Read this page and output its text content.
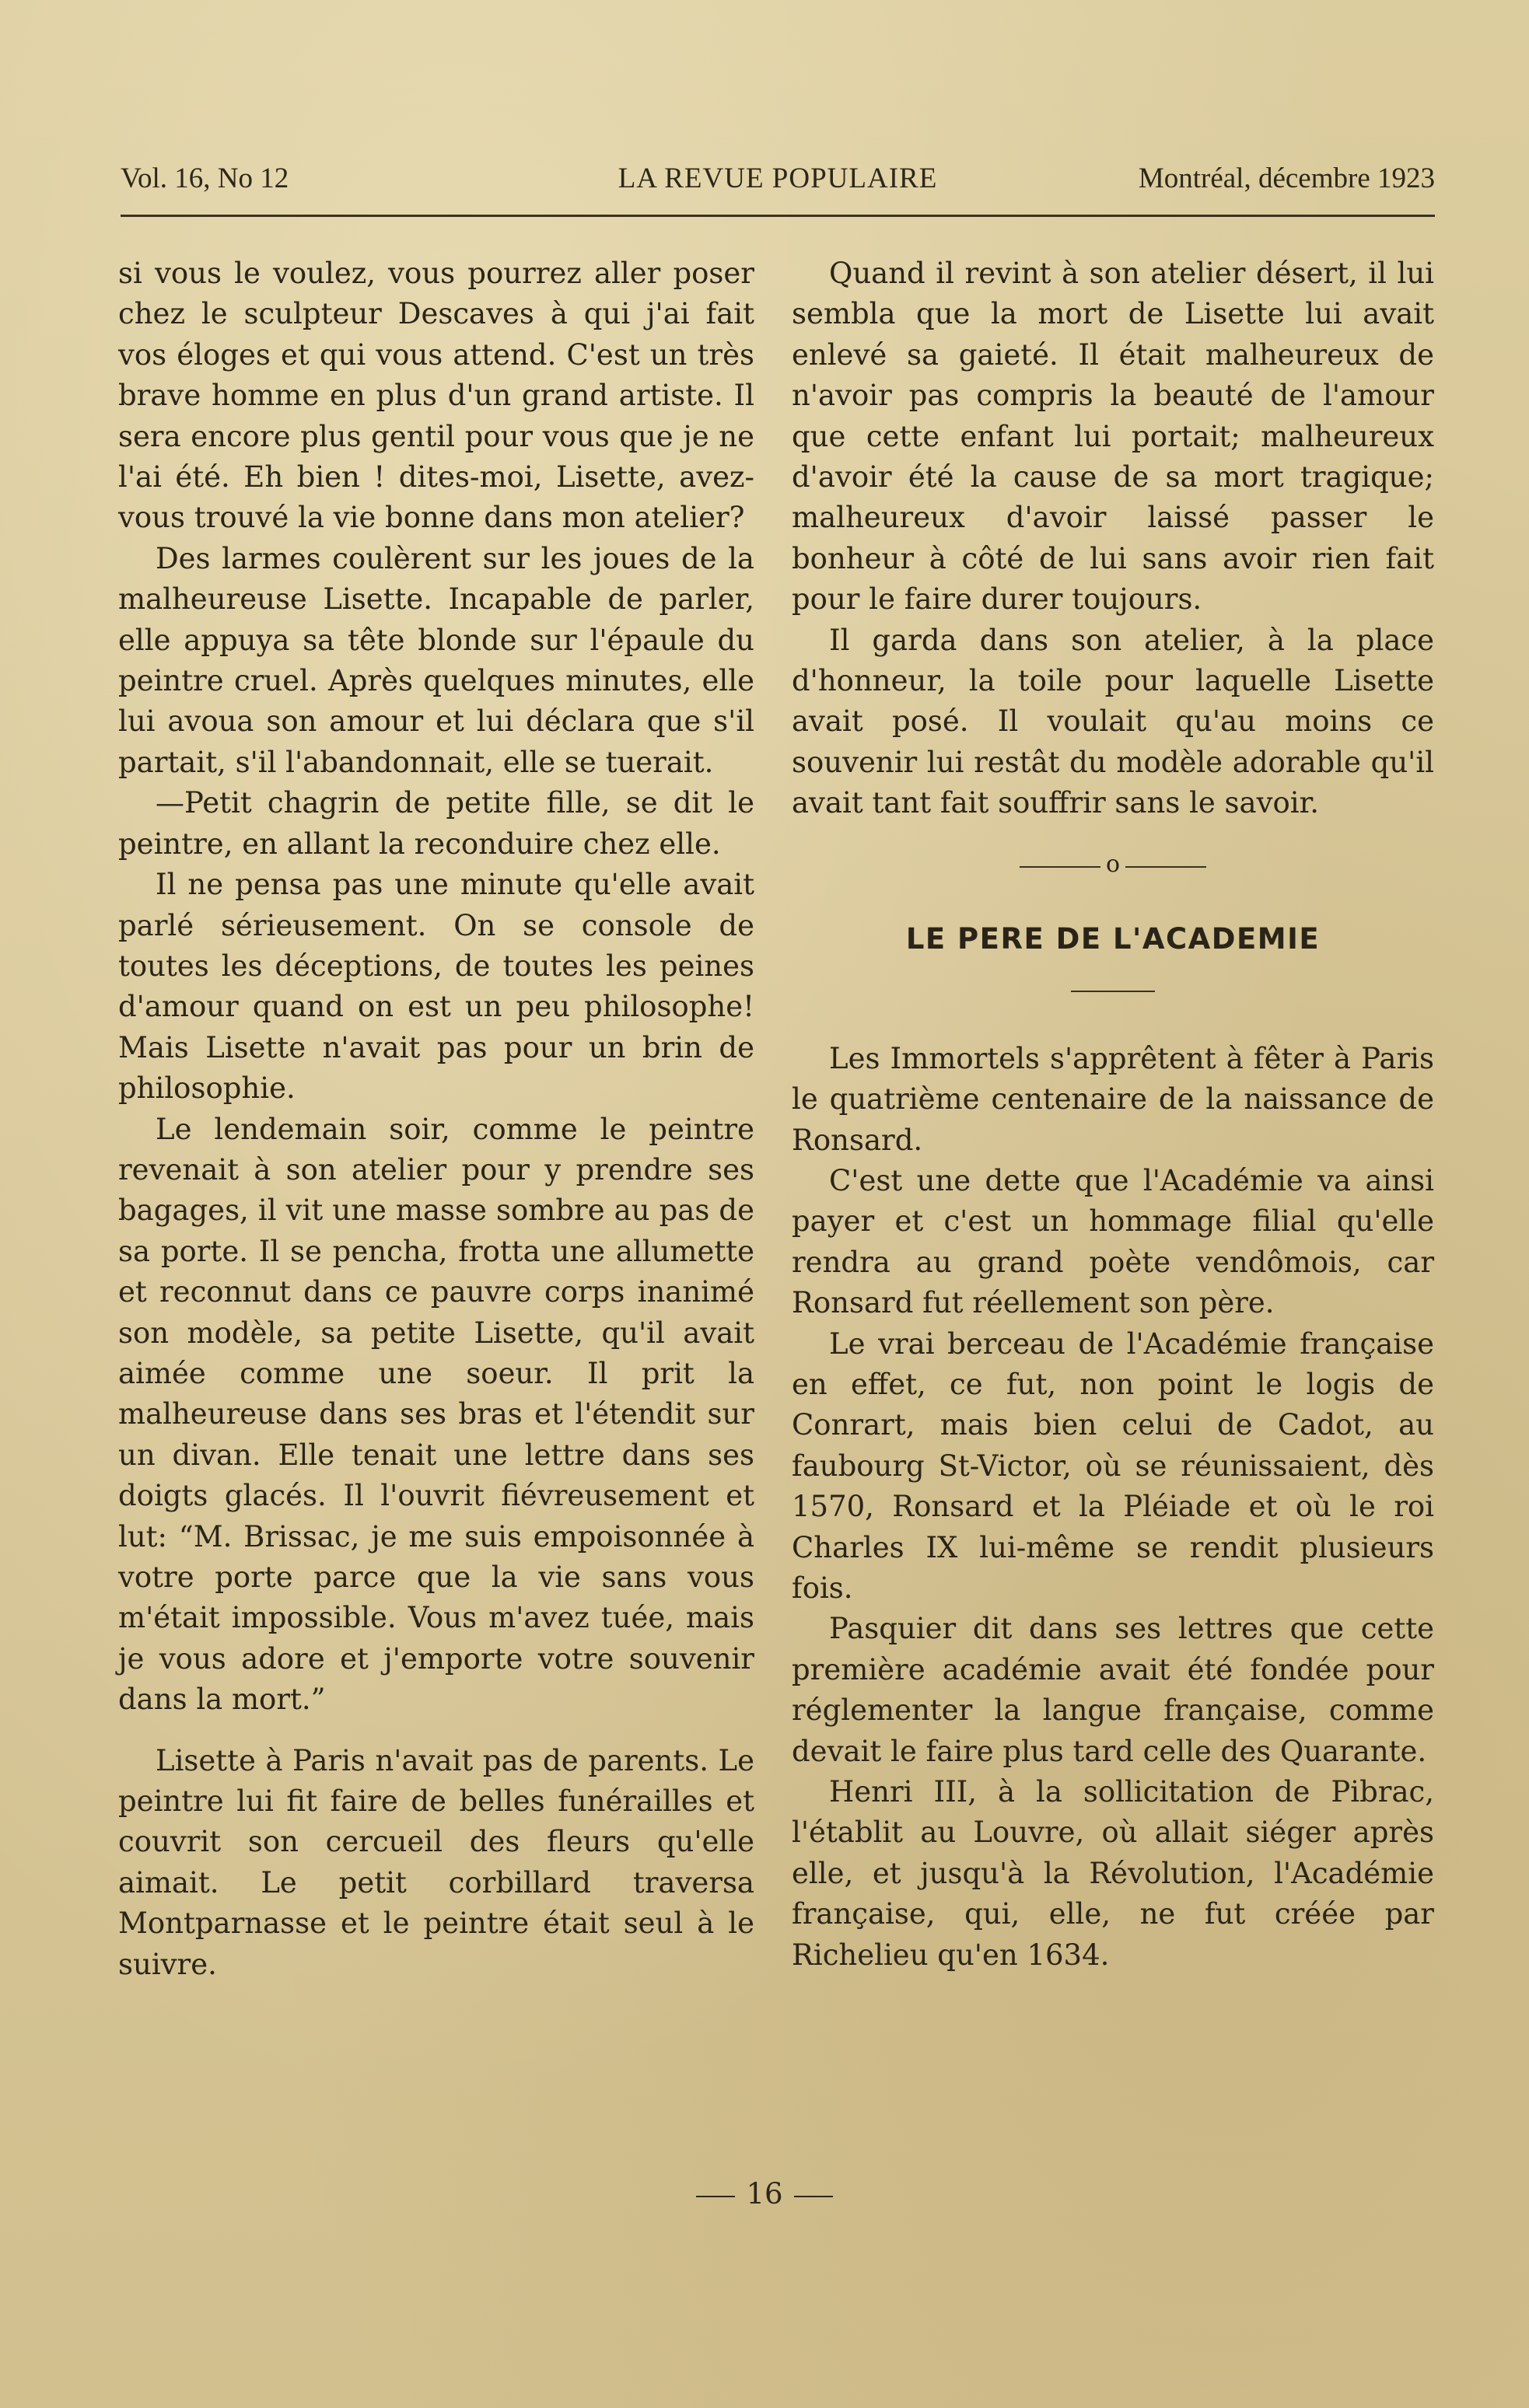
Vol. 16, No 12	LA REVUE POPULAIRE	Montréal, décembre 1923

si vous le voulez, vous pourrez aller poser chez le sculpteur Descaves à qui j'ai fait vos éloges et qui vous attend. C'est un très brave homme en plus d'un grand artiste. Il sera encore plus gentil pour vous que je ne l'ai été. Eh bien ! dites-moi, Lisette, avez-vous trouvé la vie bonne dans mon atelier?

Des larmes coulèrent sur les joues de la malheureuse Lisette. Incapable de parler, elle appuya sa tête blonde sur l'épaule du peintre cruel. Après quelques minutes, elle lui avoua son amour et lui déclara que s'il partait, s'il l'abandonnait, elle se tuerait.

—Petit chagrin de petite fille, se dit le peintre, en allant la reconduire chez elle.

Il ne pensa pas une minute qu'elle avait parlé sérieusement. On se console de toutes les déceptions, de toutes les peines d'amour quand on est un peu philosophe! Mais Lisette n'avait pas pour un brin de philosophie.

Le lendemain soir, comme le peintre revenait à son atelier pour y prendre ses bagages, il vit une masse sombre au pas de sa porte. Il se pencha, frotta une allumette et reconnut dans ce pauvre corps inanimé son modèle, sa petite Lisette, qu'il avait aimée comme une soeur. Il prit la malheureuse dans ses bras et l'étendit sur un divan. Elle tenait une lettre dans ses doigts glacés. Il l'ouvrit fiévreusement et lut: “M. Brissac, je me suis empoisonnée à votre porte parce que la vie sans vous m'était impossible. Vous m'avez tuée, mais je vous adore et j'emporte votre souvenir dans la mort.”

Lisette à Paris n'avait pas de parents. Le peintre lui fit faire de belles funérailles et couvrit son cercueil des fleurs qu'elle aimait. Le petit corbillard traversa Montparnasse et le peintre était seul à le suivre.

Quand il revint à son atelier désert, il lui sembla que la mort de Lisette lui avait enlevé sa gaieté. Il était malheureux de n'avoir pas compris la beauté de l'amour que cette enfant lui portait; malheureux d'avoir été la cause de sa mort tragique; malheureux d'avoir laissé passer le bonheur à côté de lui sans avoir rien fait pour le faire durer toujours.

Il garda dans son atelier, à la place d'honneur, la toile pour laquelle Lisette avait posé. Il voulait qu'au moins ce souvenir lui restât du modèle adorable qu'il avait tant fait souffrir sans le savoir.

o
LE PERE DE L'ACADEMIE

Les Immortels s'apprêtent à fêter à Paris le quatrième centenaire de la naissance de Ronsard.

C'est une dette que l'Académie va ainsi payer et c'est un hommage filial qu'elle rendra au grand poète vendômois, car Ronsard fut réellement son père.

Le vrai berceau de l'Académie française en effet, ce fut, non point le logis de Conrart, mais bien celui de Cadot, au faubourg St-Victor, où se réunissaient, dès 1570, Ronsard et la Pléiade et où le roi Charles IX lui-même se rendit plusieurs fois.

Pasquier dit dans ses lettres que cette première académie avait été fondée pour réglementer la langue française, comme devait le faire plus tard celle des Quarante.

Henri III, à la sollicitation de Pibrac, l'établit au Louvre, où allait siéger après elle, et jusqu'à la Révolution, l'Académie française, qui, elle, ne fut créée par Richelieu qu'en 1634.

16
